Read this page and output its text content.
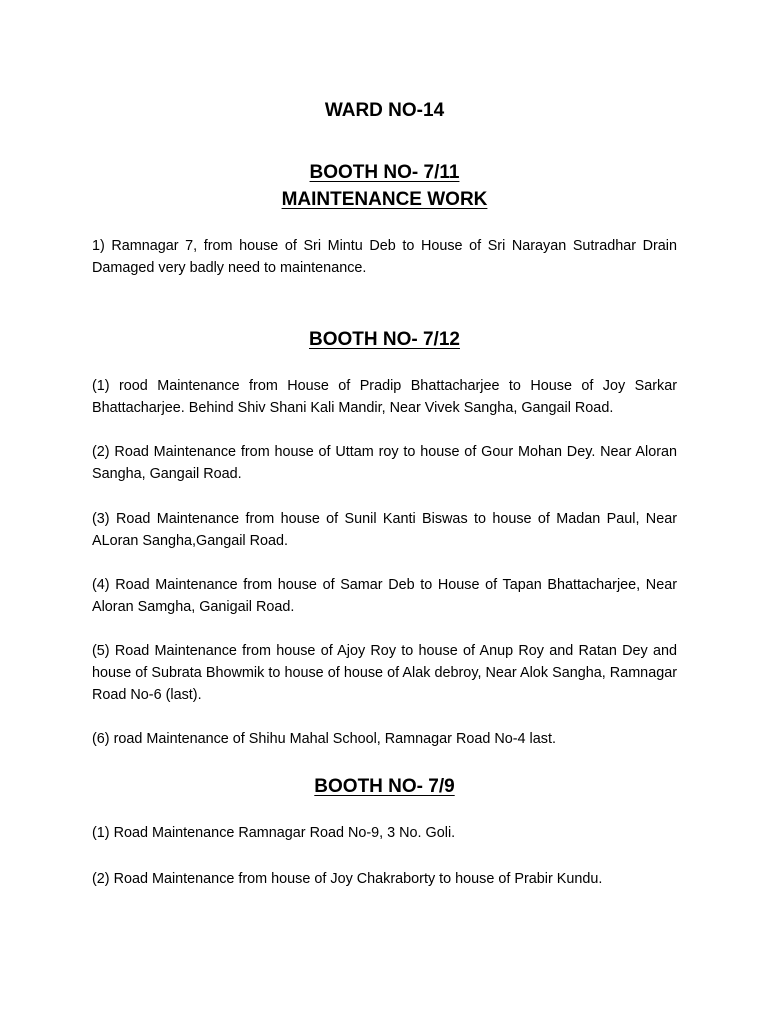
WARD NO-14
BOOTH NO- 7/11
MAINTENANCE WORK
1) Ramnagar 7, from house of Sri Mintu Deb to House of Sri Narayan Sutradhar Drain Damaged very badly need to maintenance.
BOOTH NO- 7/12
(1) rood Maintenance from House of Pradip Bhattacharjee to House of Joy Sarkar Bhattacharjee. Behind Shiv Shani Kali Mandir, Near Vivek Sangha, Gangail Road.
(2) Road Maintenance from house of Uttam roy to house of Gour Mohan Dey. Near Aloran Sangha, Gangail Road.
(3) Road Maintenance from house of Sunil Kanti Biswas to house of Madan Paul, Near ALoran Sangha,Gangail Road.
(4) Road Maintenance from house of Samar Deb to House of Tapan Bhattacharjee, Near Aloran Samgha, Ganigail Road.
(5) Road Maintenance from house of Ajoy Roy to house of Anup Roy and Ratan Dey and house of Subrata Bhowmik to house of house of Alak debroy, Near Alok Sangha, Ramnagar Road No-6 (last).
(6) road Maintenance of Shihu Mahal School, Ramnagar Road No-4 last.
BOOTH NO- 7/9
(1) Road Maintenance Ramnagar Road No-9, 3 No. Goli.
(2) Road Maintenance from house of Joy Chakraborty to house of Prabir Kundu.
